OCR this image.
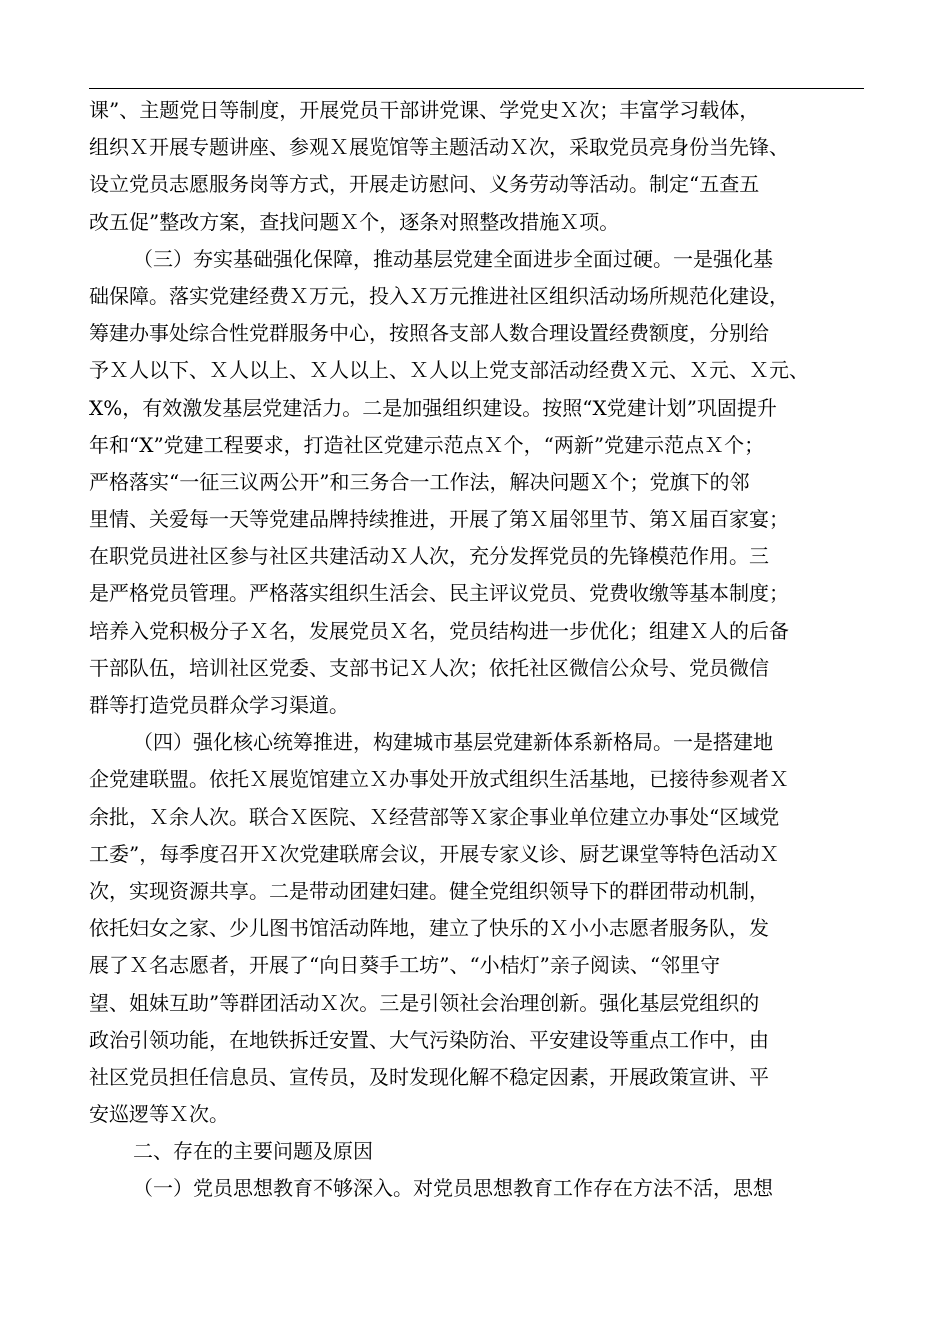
课”、主题党日等制度，开展党员干部讲党课、学党史Ｘ次；丰富学习载体，
组织Ｘ开展专题讲座、参观Ｘ展览馆等主题活动Ｘ次，采取党员亮身份当先锋、
设立党员志愿服务岗等方式，开展走访慰问、义务劳动等活动。制定“五查五
改五促”整改方案，查找问题Ｘ个，逐条对照整改措施Ｘ项。
（三）夯实基础强化保障，推动基层党建全面进步全面过硬。一是强化基
础保障。落实党建经费Ｘ万元，投入Ｘ万元推进社区组织活动场所规范化建设，
筹建办事处综合性党群服务中心，按照各支部人数合理设置经费额度，分别给
予Ｘ人以下、Ｘ人以上、Ｘ人以上、Ｘ人以上党支部活动经费Ｘ元、Ｘ元、Ｘ元、
X%，有效激发基层党建活力。二是加强组织建设。按照“X党建计划”巩固提升
年和“X”党建工程要求，打造社区党建示范点Ｘ个，“两新”党建示范点Ｘ个；
严格落实“一征三议两公开”和三务合一工作法，解决问题Ｘ个；党旗下的邻
里情、关爱每一天等党建品牌持续推进，开展了第Ｘ届邻里节、第Ｘ届百家宴；
在职党员进社区参与社区共建活动Ｘ人次，充分发挥党员的先锋模范作用。三
是严格党员管理。严格落实组织生活会、民主评议党员、党费收缴等基本制度；
培养入党积极分子Ｘ名，发展党员Ｘ名，党员结构进一步优化；组建Ｘ人的后备
干部队伍，培训社区党委、支部书记Ｘ人次；依托社区微信公众号、党员微信
群等打造党员群众学习渠道。
（四）强化核心统筹推进，构建城市基层党建新体系新格局。一是搭建地
企党建联盟。依托Ｘ展览馆建立Ｘ办事处开放式组织生活基地，已接待参观者Ｘ
余批，Ｘ余人次。联合Ｘ医院、Ｘ经营部等Ｘ家企事业单位建立办事处“区域党
工委”，每季度召开Ｘ次党建联席会议，开展专家义诊、厨艺课堂等特色活动Ｘ
次，实现资源共享。二是带动团建妇建。健全党组织领导下的群团带动机制，
依托妇女之家、少儿图书馆活动阵地，建立了快乐的Ｘ小小志愿者服务队，发
展了Ｘ名志愿者，开展了“向日葵手工坊”、“小桔灯”亲子阅读、“邻里守
望、姐妹互助”等群团活动Ｘ次。三是引领社会治理创新。强化基层党组织的
政治引领功能，在地铁拆迁安置、大气污染防治、平安建设等重点工作中，由
社区党员担任信息员、宣传员，及时发现化解不稳定因素，开展政策宣讲、平
安巡逻等Ｘ次。
二、存在的主要问题及原因
（一）党员思想教育不够深入。对党员思想教育工作存在方法不活，思想
